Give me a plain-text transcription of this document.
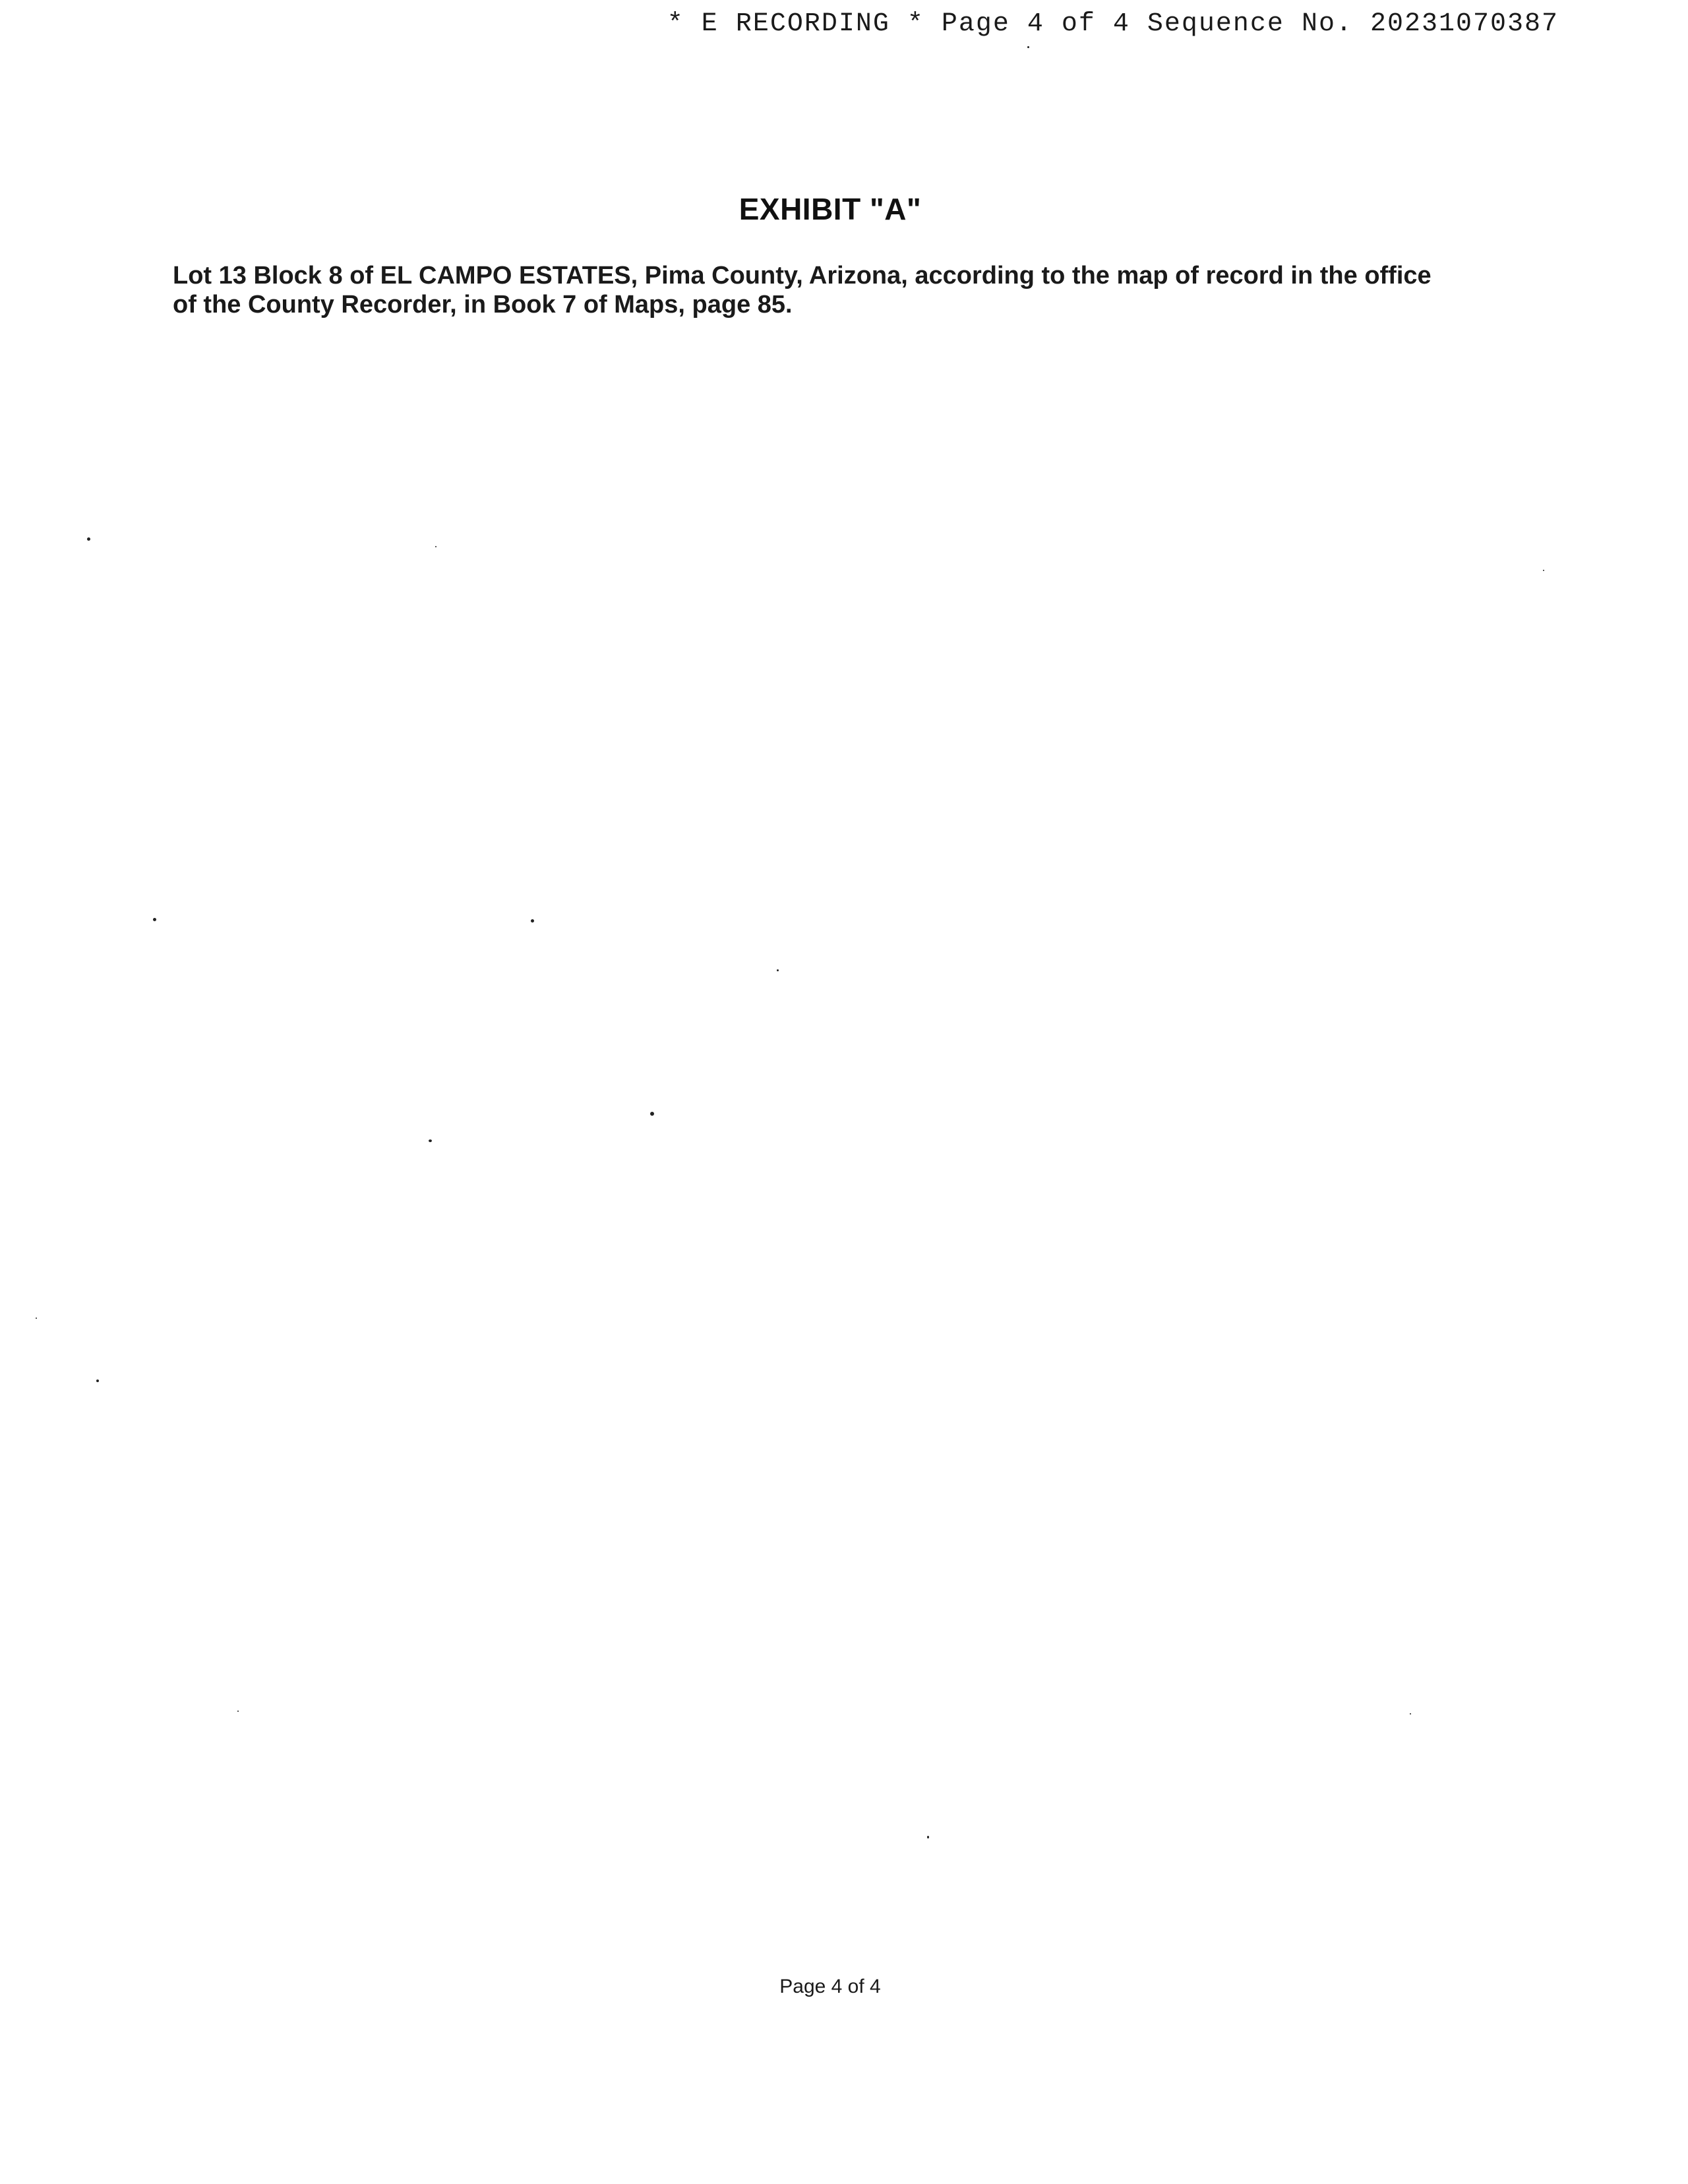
* E RECORDING * Page 4 of 4 Sequence No. 20231070387
EXHIBIT "A"
Lot 13 Block 8 of EL CAMPO ESTATES, Pima County, Arizona, according to the map of record in the office
of the County Recorder, in Book 7 of Maps, page 85.
Page 4 of 4
